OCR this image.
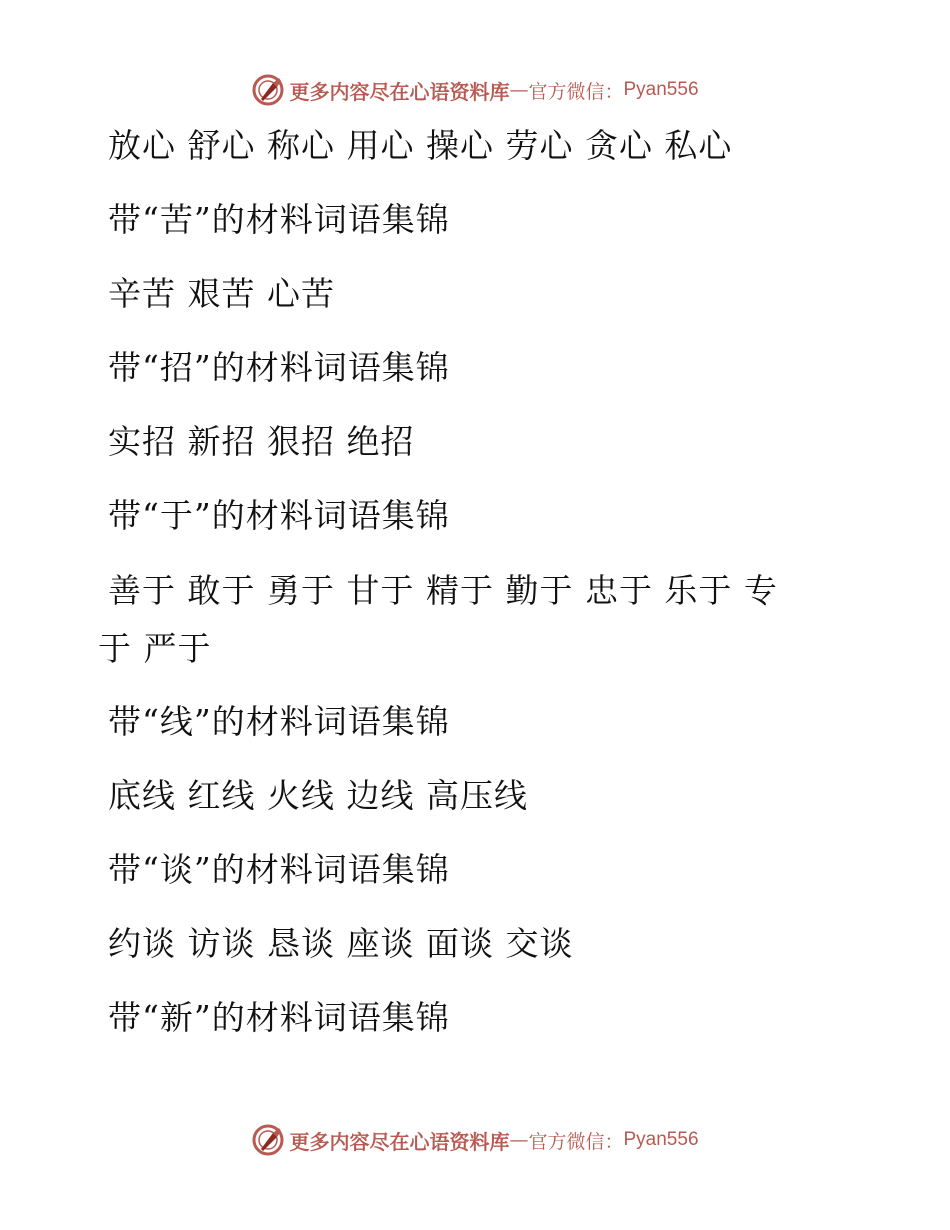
更多内容尽在心语资料库 — 官方微信： Pyan556
放心 舒心 称心 用心 操心 劳心 贪心 私心
带“苦”的材料词语集锦
辛苦 艰苦 心苦
带“招”的材料词语集锦
实招 新招 狠招 绝招
带“于”的材料词语集锦
善于 敢于 勇于 甘于 精于 勤于 忠于 乐于 专
于 严于
带“线”的材料词语集锦
底线 红线 火线 边线 高压线
带“谈”的材料词语集锦
约谈 访谈 恳谈 座谈 面谈 交谈
带“新”的材料词语集锦
更多内容尽在心语资料库 — 官方微信： Pyan556
